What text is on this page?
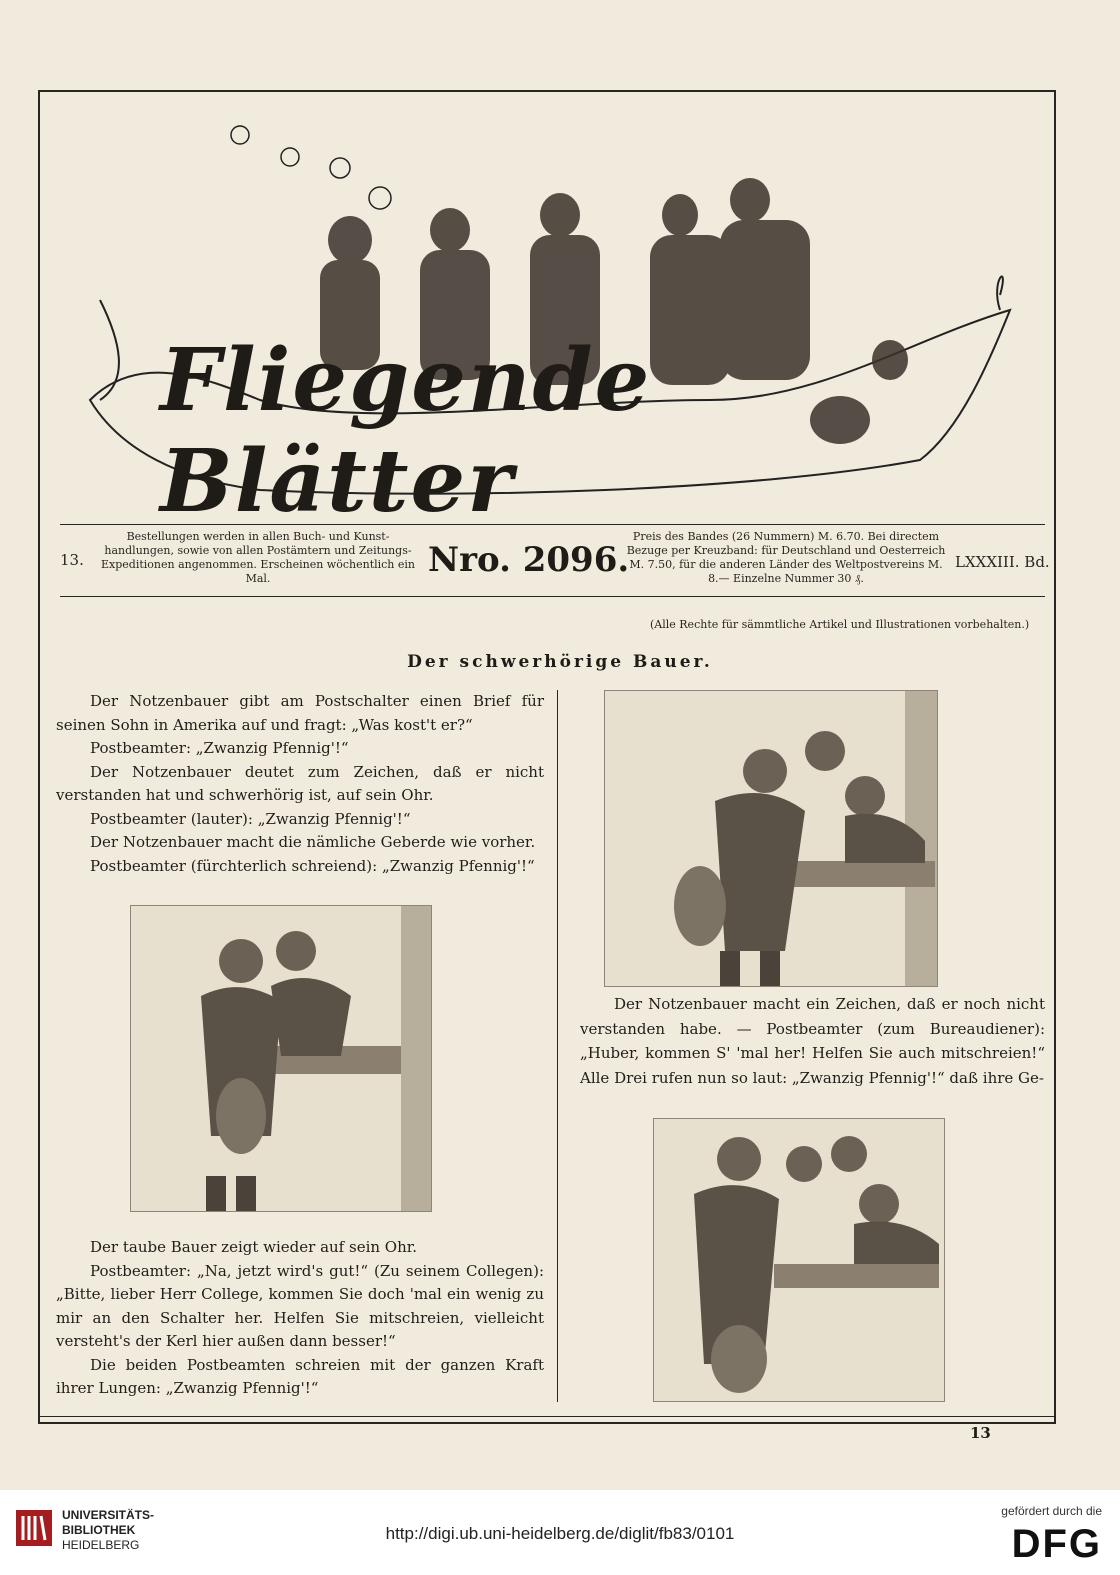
Fliegende Blätter
13.
Bestellungen werden in allen Buch- und Kunst-handlungen, sowie von allen Postämtern und Zeitungs-Expeditionen angenommen. Erscheinen wöchentlich ein Mal.	Nro. 2096.
Preis des Bandes (26 Nummern) M. 6.70. Bei directem Bezuge per Kreuzband: für Deutschland und Oesterreich M. 7.50, für die anderen Länder des Weltpostvereins M. 8.— Einzelne Nummer 30 ₰.
LXXXIII. Bd.
(Alle Rechte für sämmtliche Artikel und Illustrationen vorbehalten.)
Der schwerhörige Bauer.

Der Notzenbauer gibt am Postschalter einen Brief für seinen Sohn in Amerika auf und fragt: „Was kost't er?“

Postbeamter: „Zwanzig Pfennig'!“

Der Notzenbauer deutet zum Zeichen, daß er nicht verstanden hat und schwerhörig ist, auf sein Ohr.

Postbeamter (lauter): „Zwanzig Pfennig'!“

Der Notzenbauer macht die nämliche Geberde wie vorher.

Postbeamter (fürchterlich schreiend): „Zwanzig Pfennig'!“

Der taube Bauer zeigt wieder auf sein Ohr.

Postbeamter: „Na, jetzt wird's gut!“ (Zu seinem Collegen): „Bitte, lieber Herr College, kommen Sie doch 'mal ein wenig zu mir an den Schalter her. Helfen Sie mitschreien, vielleicht versteht's der Kerl hier außen dann besser!“

Die beiden Postbeamten schreien mit der ganzen Kraft ihrer Lungen: „Zwanzig Pfennig'!“

Der Notzenbauer macht ein Zeichen, daß er noch nicht verstanden habe. — Postbeamter (zum Bureaudiener): „Huber, kommen S' 'mal her! Helfen Sie auch mitschreien!“ Alle Drei rufen nun so laut: „Zwanzig Pfennig'!“ daß ihre Ge-

13
UNIVERSITÄTS-
BIBLIOTHEK
HEIDELBERG
http://digi.ub.uni-heidelberg.de/diglit/fb83/0101
gefördert durch die
DFG
